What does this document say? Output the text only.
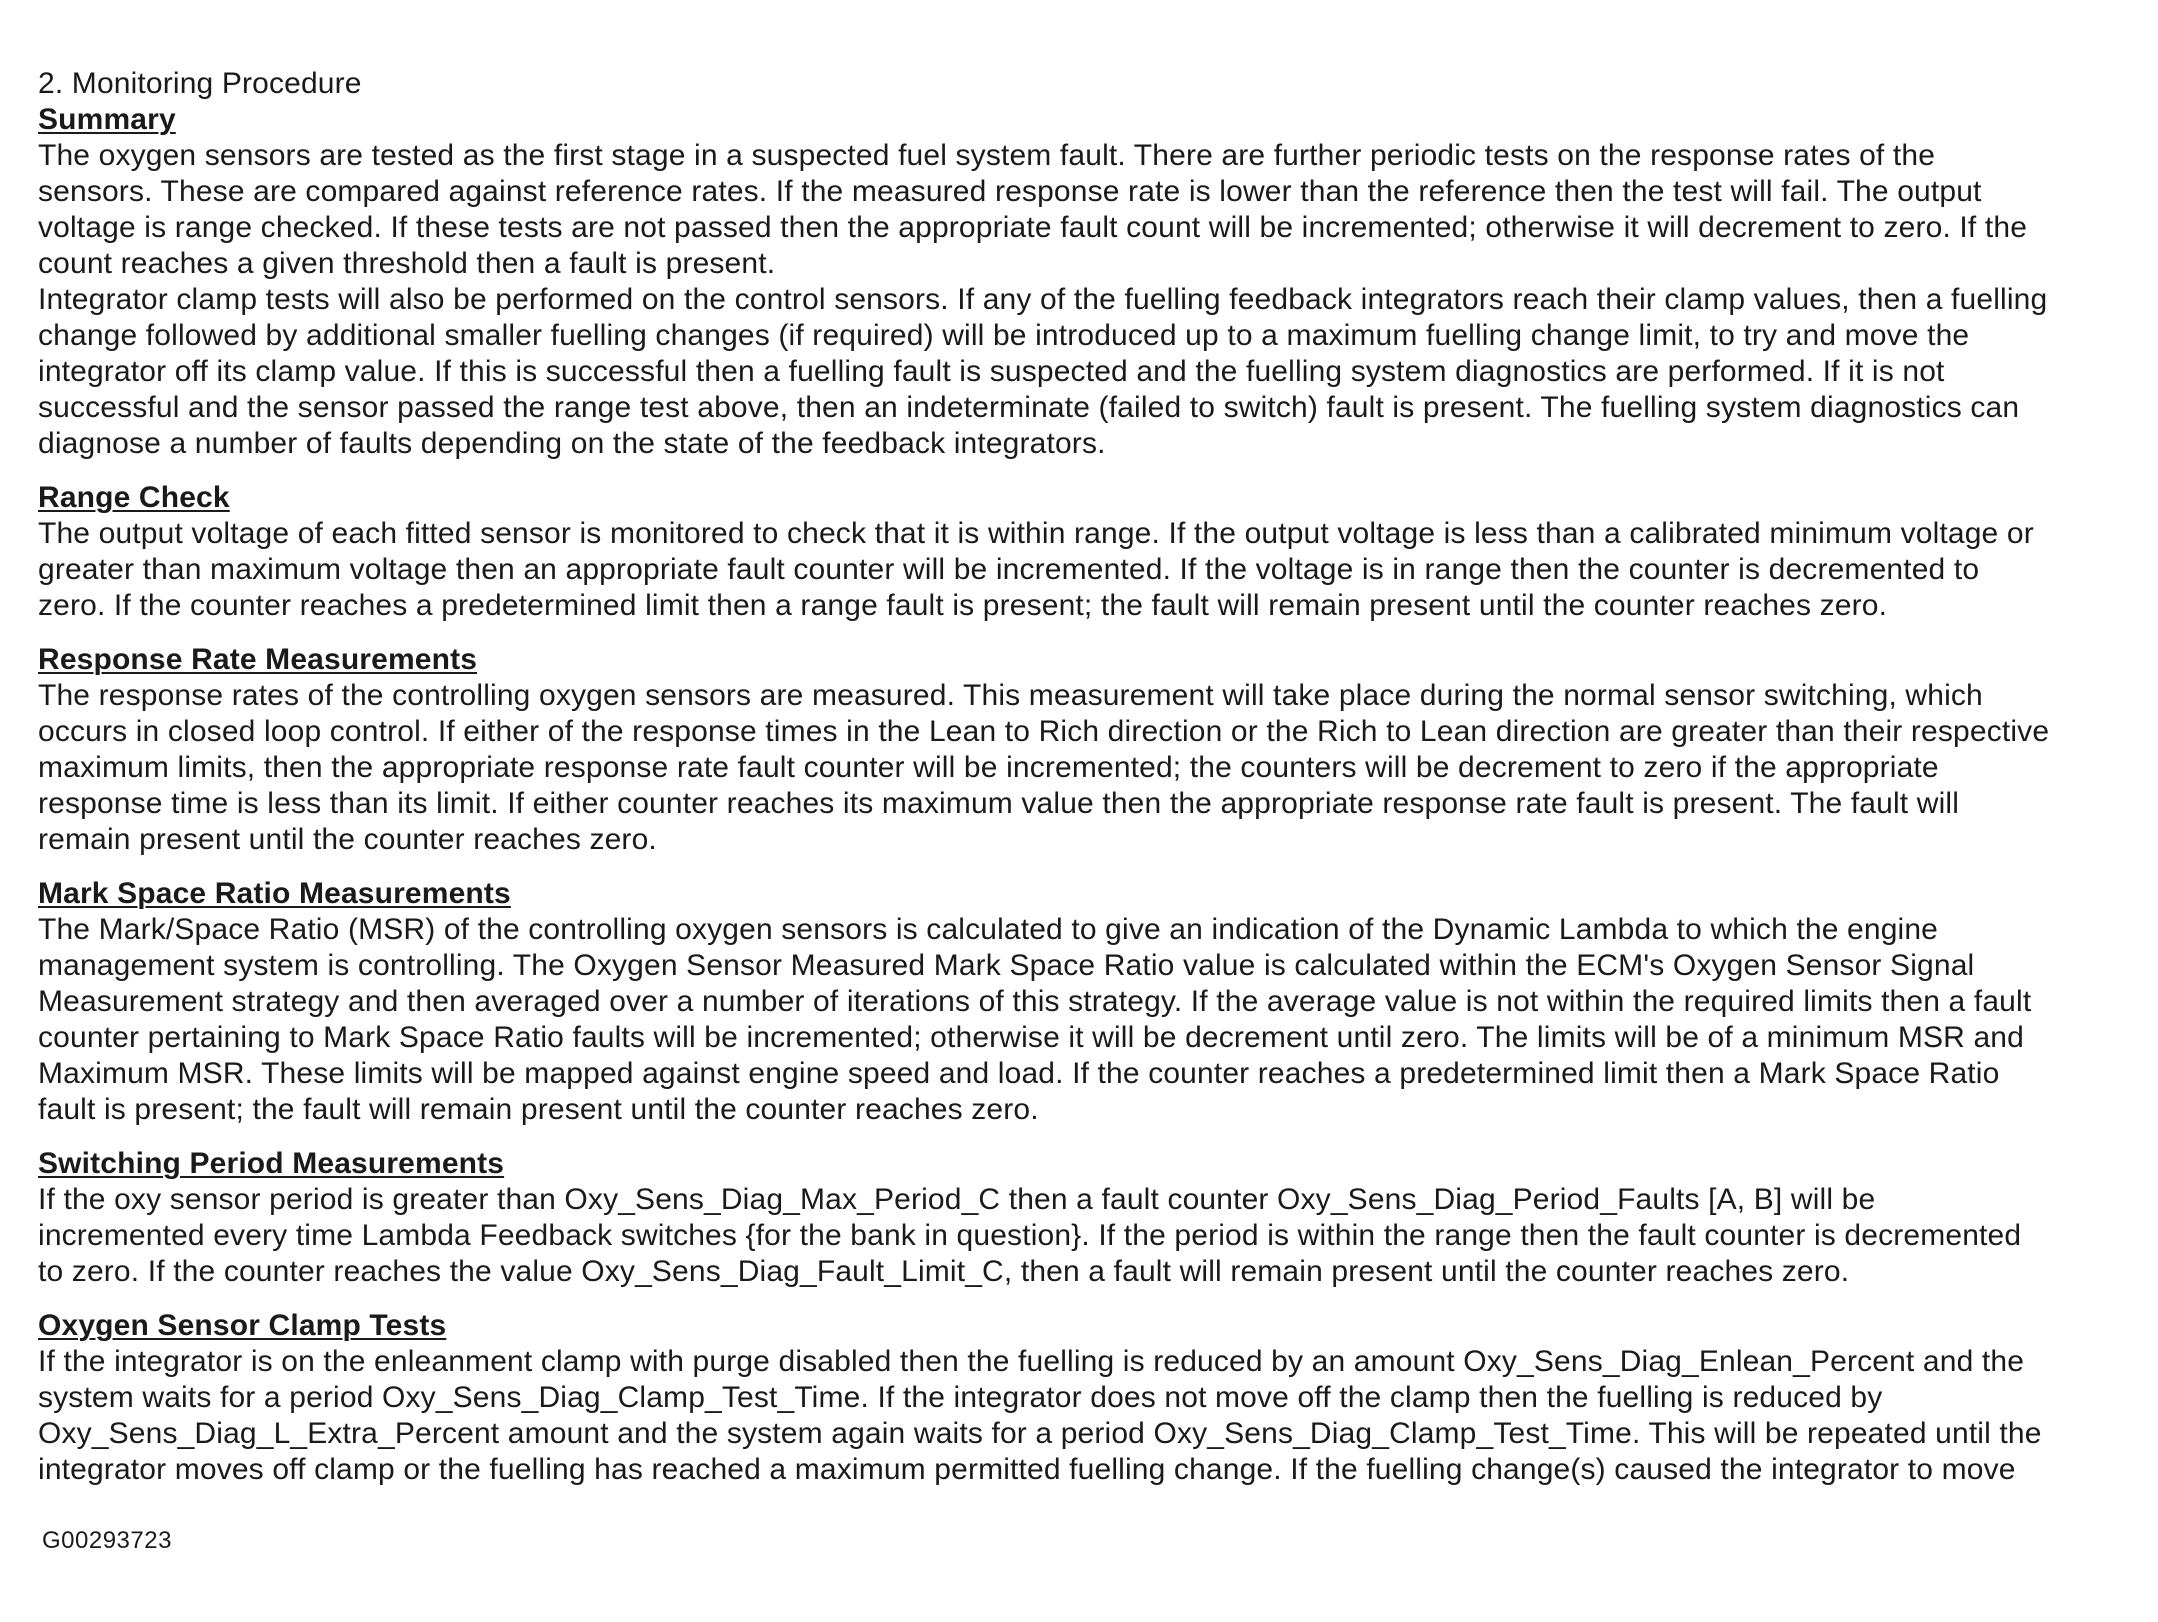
2. Monitoring Procedure
Summary
The oxygen sensors are tested as the first stage in a suspected fuel system fault. There are further periodic tests on the response rates of the
sensors. These are compared against reference rates. If the measured response rate is lower than the reference then the test will fail. The output
voltage is range checked. If these tests are not passed then the appropriate fault count will be incremented; otherwise it will decrement to zero. If the
count reaches a given threshold then a fault is present.
Integrator clamp tests will also be performed on the control sensors. If any of the fuelling feedback integrators reach their clamp values, then a fuelling
change followed by additional smaller fuelling changes (if required) will be introduced up to a maximum fuelling change limit, to try and move the
integrator off its clamp value. If this is successful then a fuelling fault is suspected and the fuelling system diagnostics are performed. If it is not
successful and the sensor passed the range test above, then an indeterminate (failed to switch) fault is present. The fuelling system diagnostics can
diagnose a number of faults depending on the state of the feedback integrators.
Range Check
The output voltage of each fitted sensor is monitored to check that it is within range. If the output voltage is less than a calibrated minimum voltage or
greater than maximum voltage then an appropriate fault counter will be incremented. If the voltage is in range then the counter is decremented to
zero. If the counter reaches a predetermined limit then a range fault is present; the fault will remain present until the counter reaches zero.
Response Rate Measurements
The response rates of the controlling oxygen sensors are measured. This measurement will take place during the normal sensor switching, which
occurs in closed loop control. If either of the response times in the Lean to Rich direction or the Rich to Lean direction are greater than their respective
maximum limits, then the appropriate response rate fault counter will be incremented; the counters will be decrement to zero if the appropriate
response time is less than its limit. If either counter reaches its maximum value then the appropriate response rate fault is present. The fault will
remain present until the counter reaches zero.
Mark Space Ratio Measurements
The Mark/Space Ratio (MSR) of the controlling oxygen sensors is calculated to give an indication of the Dynamic Lambda to which the engine
management system is controlling. The Oxygen Sensor Measured Mark Space Ratio value is calculated within the ECM's Oxygen Sensor Signal
Measurement strategy and then averaged over a number of iterations of this strategy. If the average value is not within the required limits then a fault
counter pertaining to Mark Space Ratio faults will be incremented; otherwise it will be decrement until zero. The limits will be of a minimum MSR and
Maximum MSR. These limits will be mapped against engine speed and load. If the counter reaches a predetermined limit then a Mark Space Ratio
fault is present; the fault will remain present until the counter reaches zero.
Switching Period Measurements
If the oxy sensor period is greater than Oxy_Sens_Diag_Max_Period_C then a fault counter Oxy_Sens_Diag_Period_Faults [A, B] will be
incremented every time Lambda Feedback switches {for the bank in question}. If the period is within the range then the fault counter is decremented
to zero. If the counter reaches the value Oxy_Sens_Diag_Fault_Limit_C, then a fault will remain present until the counter reaches zero.
Oxygen Sensor Clamp Tests
If the integrator is on the enleanment clamp with purge disabled then the fuelling is reduced by an amount Oxy_Sens_Diag_Enlean_Percent and the
system waits for a period Oxy_Sens_Diag_Clamp_Test_Time. If the integrator does not move off the clamp then the fuelling is reduced by
Oxy_Sens_Diag_L_Extra_Percent amount and the system again waits for a period Oxy_Sens_Diag_Clamp_Test_Time. This will be repeated until the
integrator moves off clamp or the fuelling has reached a maximum permitted fuelling change. If the fuelling change(s) caused the integrator to move
G00293723
